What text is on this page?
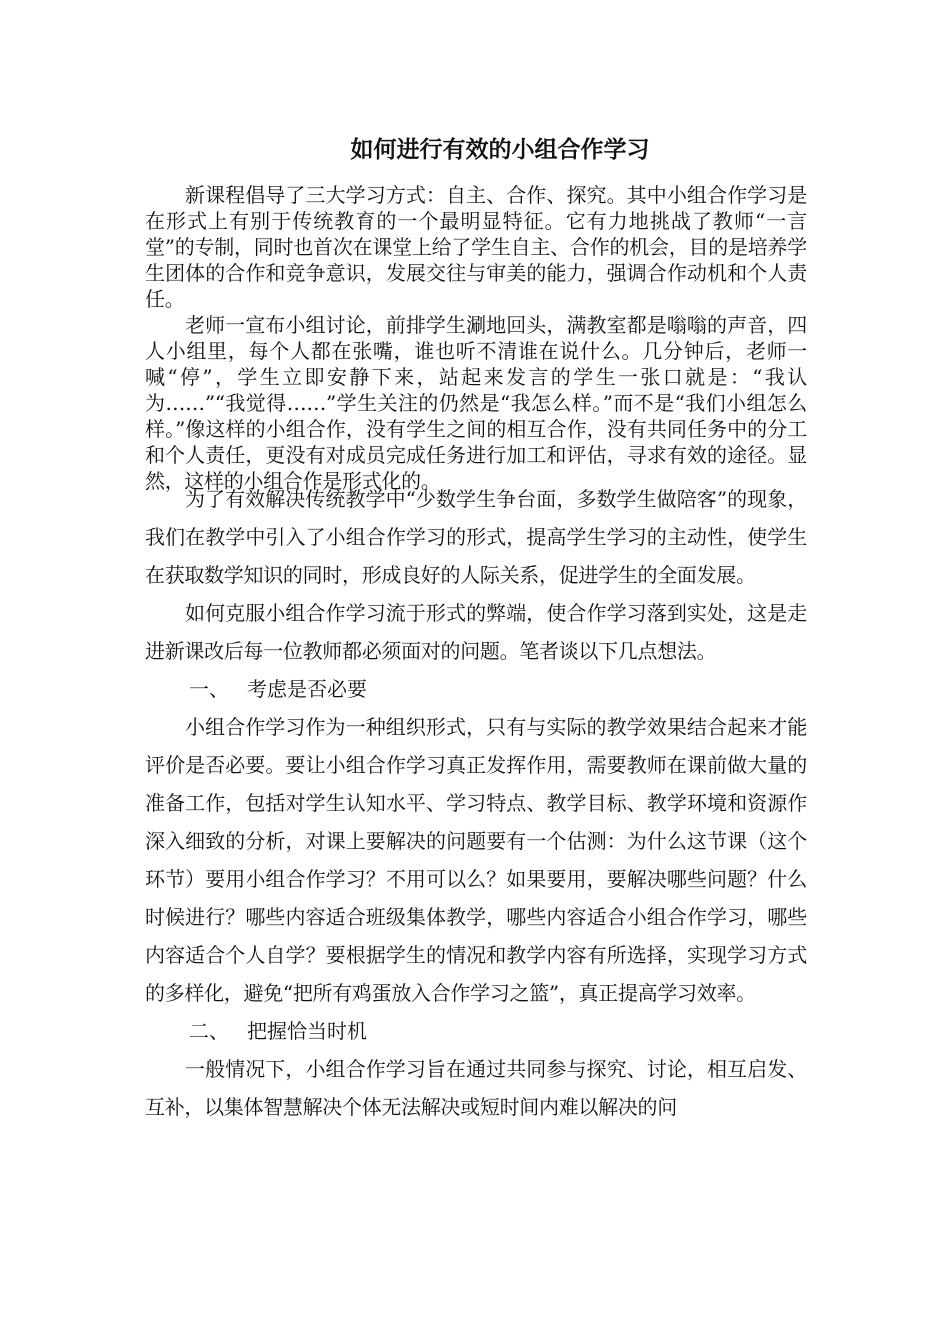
如何进行有效的小组合作学习

新课程倡导了三大学习方式：自主、合作、探究。其中小组合作学习是在形式上有别于传统教育的一个最明显特征。它有力地挑战了教师“一言堂”的专制，同时也首次在课堂上给了学生自主、合作的机会，目的是培养学生团体的合作和竞争意识，发展交往与审美的能力，强调合作动机和个人责任。

老师一宣布小组讨论，前排学生涮地回头，满教室都是嗡嗡的声音，四人小组里，每个人都在张嘴，谁也听不清谁在说什么。几分钟后，老师一喊“停”，学生立即安静下来，站起来发言的学生一张口就是：“我认为……”“我觉得……”学生关注的仍然是“我怎么样。”而不是“我们小组怎么样。”像这样的小组合作，没有学生之间的相互合作，没有共同任务中的分工和个人责任，更没有对成员完成任务进行加工和评估，寻求有效的途径。显然，这样的小组合作是形式化的。

为了有效解决传统教学中“少数学生争台面，多数学生做陪客”的现象，我们在教学中引入了小组合作学习的形式，提高学生学习的主动性，使学生在获取数学知识的同时，形成良好的人际关系，促进学生的全面发展。

如何克服小组合作学习流于形式的弊端，使合作学习落到实处，这是走进新课改后每一位教师都必须面对的问题。笔者谈以下几点想法。

一、 考虑是否必要

小组合作学习作为一种组织形式，只有与实际的教学效果结合起来才能评价是否必要。要让小组合作学习真正发挥作用，需要教师在课前做大量的准备工作，包括对学生认知水平、学习特点、教学目标、教学环境和资源作深入细致的分析，对课上要解决的问题要有一个估测：为什么这节课（这个环节）要用小组合作学习？不用可以么？如果要用，要解决哪些问题？什么时候进行？哪些内容适合班级集体教学，哪些内容适合小组合作学习，哪些内容适合个人自学？要根据学生的情况和教学内容有所选择，实现学习方式的多样化，避免“把所有鸡蛋放入合作学习之篮”，真正提高学习效率。

二、 把握恰当时机

一般情况下，小组合作学习旨在通过共同参与探究、讨论，相互启发、互补，以集体智慧解决个体无法解决或短时间内难以解决的问
